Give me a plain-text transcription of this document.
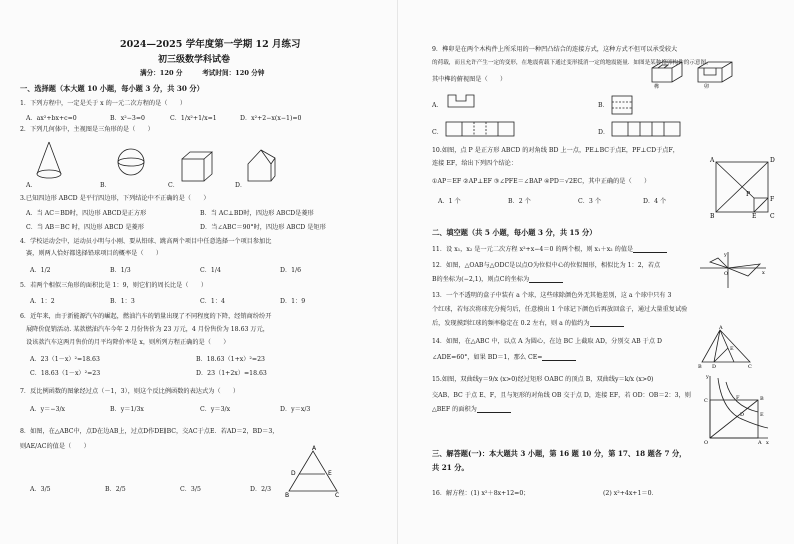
2024—2025 学年度第一学期 12 月练习
初三级数学科试卷
满分：120 分　　　考试时间：120 分钟
一、选择题（本大题 10 小题，每小题 3 分，共 30 分）
1．下列方程中，一定是关于 x 的一元二次方程的是（　　）
A．ax²+bx+c=0	B．x²−3=0	C．1/x²+1/x=1	D．x²+2−x(x−1)=0
2．下列几何体中，主视图是三角形的是（　　）
A．	B．	C．	D．
3.已知四边形 ABCD 是平行四边形，下列结论中不正确的是（　　）
A．当 AC＝BD时，四边形 ABCD是正方形	B．当 AC⊥BD时，四边形 ABCD是菱形
C．当 AB＝BC 时，四边形 ABCD 是菱形	D．当∠ABC＝90°时，四边形 ABCD 是矩形
4．学校运动会中，运动员小明与小刚、要从铅球、跳高两个项目中任意选择一个项目参加比
赛，则两人恰好都选择铅球项目的概率是（　　）
A．1/2	B．1/3	C．1/4	D．1/6
5．若两个相似三角形的面积比是 1：9，则它们的周长比是（　　）
A．1：2	B．1：3	C．1：4	D．1：9
6．近年来，由于新能源汽车的崛起，燃油汽车的销量出现了不同程度的下降，经销商纷纷开
展降价促销活动. 某款燃油汽车今年 2 月份售价为 23 万元，4 月份售价为 18.63 万元，
设该款汽车这两月售价的月平均降价率是 x，则所列方程正确的是（　　）
A．23（1－x）²=18.63	B．18.63（1+x）²=23
C．18.63（1－x）²=23	D．23（1+2x）=18.63
7．反比例函数的图象经过点（－1，3），则这个反比例函数的表达式为（　　）
A．y＝−3/x	B．y＝1/3x	C．y＝3/x	D．y＝x/3
8．如图，在△ABC中，点D在边AB上，过点D作DE∥BC，交AC于点E．若AD＝2，BD＝3，
则AE/AC的值是（　　）
A．3/5	B．2/5	C．3/5	D．2/3
A
D	E
B	C
9．榫卯是在两个木构件上所采用的一种凹凸结合的连接方式，这种方式不但可以承受较大
的荷载，而且允许产生一定的变形，在地震荷载下通过变形抵消一定的地震能量．如图是某种榫卯构件的示意图，
其中榫的俯视图是（　　）
榫	卯
A．	B．
C．	D．
10.如图，点 P 是正方形 ABCD 的对角线 BD 上一点，PE⊥BC于点E，PF⊥CD于点F，
连接 EF，给出下列四个结论：
①AP＝EF ②AP⊥EF ③∠PFE＝∠BAP ④PD＝√2EC，其中正确的是（　　）
A．1 个	B．2 个	C．3 个	D．4 个
A	D
F
P
B	E C
二、填空题（共 5 小题，每小题 3 分，共 15 分）
11．设 x₁，x₂ 是一元二次方程 x²+x−4＝0 的两个根，则 x₁＋x₂ 的值是
12．如图，△OAB与△ODC是以点O为位似中心的位似图形，相似比为 1：2，若点
B的坐标为(−2,1)，则点C的坐标为
y
x
O
13．一个不透明的盒子中装有 a 个球，这些球除颜色外无其他差别，这 a 个球中只有 3
个红球，若每次将球充分搅匀后，任意摸出 1 个球记下颜色后再放回盒子，通过大量重复试验
后，发现摸到红球的频率稳定在 0.2 左右，则 a 的值约为
14．如图，在△ABC 中，以点 A 为圆心，在边 BC 上截取 AD，分别交 AB 于点 D
∠ADE=60°，如果 BD＝1，那么 CE=
A
B D	C
E
15.如图，双曲线y＝9/x (x>0)经过矩形 OABC 的顶点 B，双曲线y＝k/x (x>0)
交AB、BC 于点 E、F，且与矩形的对角线 OB 交于点 D，连接 EF，若 OD：OB＝2：3，则
△BEF 的面积为
y
x
O
C
A
B
F
E
D
三、解答题(一)：本大题共 3 小题，第 16 题 10 分，第 17、18 题各 7 分，
共 21 分。
16．解方程：(1) x²＋8x+12=0；	(2) x²+4x+1＝0．
